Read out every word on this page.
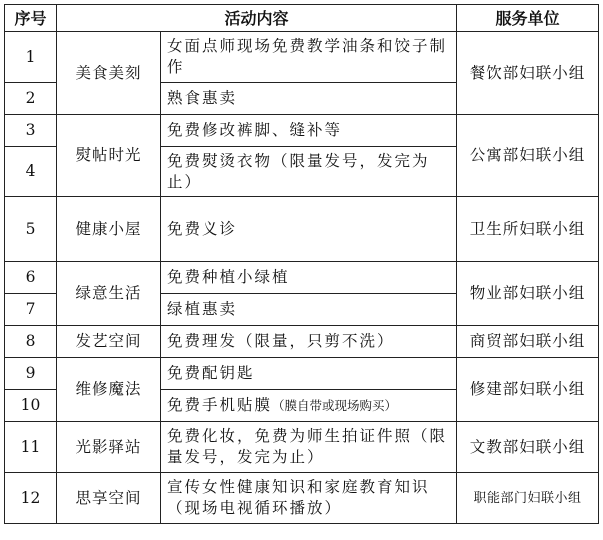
序号	活动内容		服务单位
1	美食美刻	女面点师现场免费教学油条和饺子制作	餐饮部妇联小组
2		熟食惠卖	
3	熨帖时光	免费修改裤脚、缝补等	公寓部妇联小组
4		免费熨烫衣物（限量发号，发完为止）	
5	健康小屋	免费义诊	卫生所妇联小组
6	绿意生活	免费种植小绿植	物业部妇联小组
7		绿植惠卖	
8	发艺空间	免费理发（限量，只剪不洗）	商贸部妇联小组
9	维修魔法	免费配钥匙	修建部妇联小组
10		免费手机贴膜（膜自带或现场购买）	
11	光影驿站	免费化妆，免费为师生拍证件照（限量发号，发完为止）	文教部妇联小组
12	思享空间	宣传女性健康知识和家庭教育知识（现场电视循环播放）	职能部门妇联小组
